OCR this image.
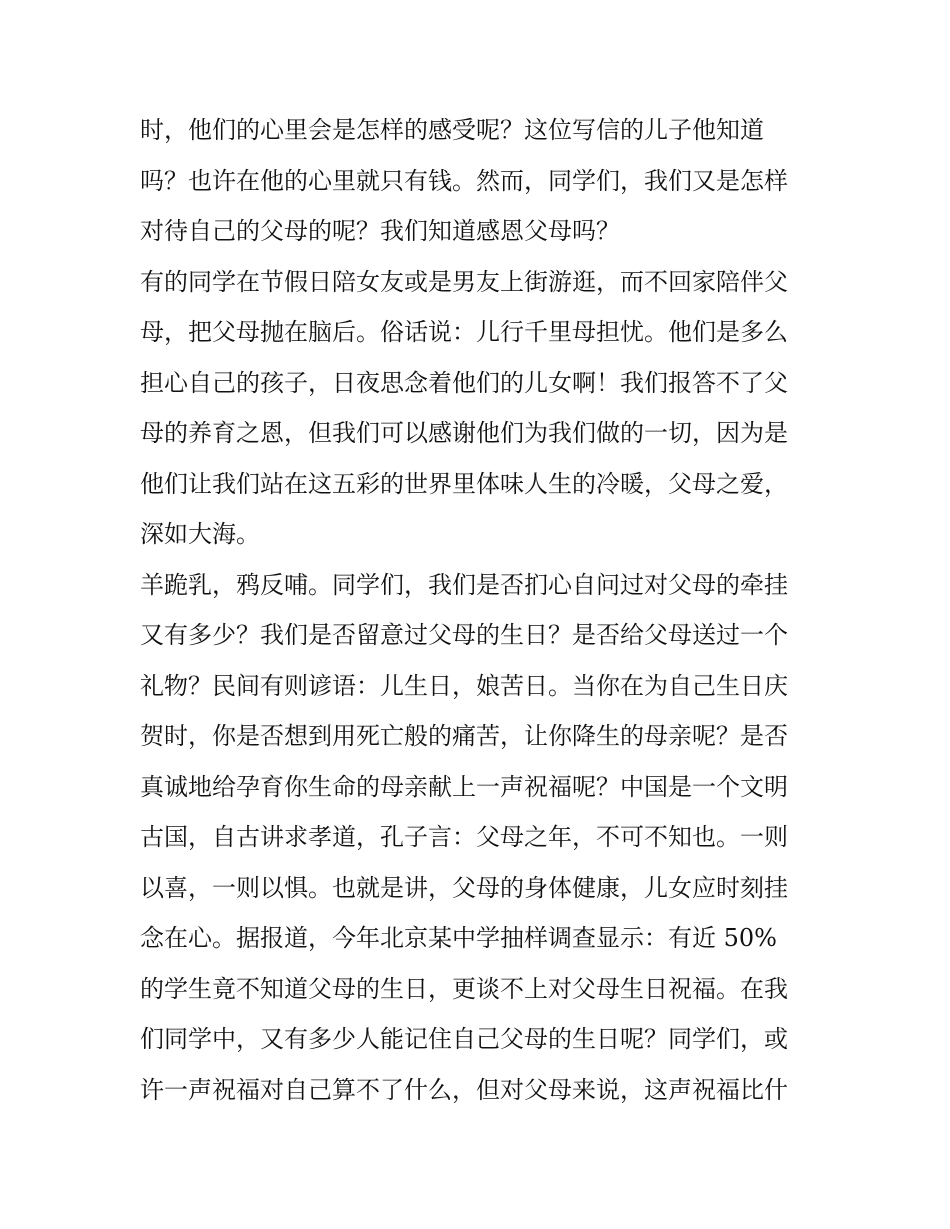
时，他们的心里会是怎样的感受呢？这位写信的儿子他知道
吗？也许在他的心里就只有钱。然而，同学们，我们又是怎样
对待自己的父母的呢？我们知道感恩父母吗？
有的同学在节假日陪女友或是男友上街游逛，而不回家陪伴父
母，把父母抛在脑后。俗话说：儿行千里母担忧。他们是多么
担心自己的孩子，日夜思念着他们的儿女啊！我们报答不了父
母的养育之恩，但我们可以感谢他们为我们做的一切，因为是
他们让我们站在这五彩的世界里体味人生的冷暖，父母之爱，
深如大海。
羊跪乳，鸦反哺。同学们，我们是否扪心自问过对父母的牵挂
又有多少？我们是否留意过父母的生日？是否给父母送过一个
礼物？民间有则谚语：儿生日，娘苦日。当你在为自己生日庆
贺时，你是否想到用死亡般的痛苦，让你降生的母亲呢？是否
真诚地给孕育你生命的母亲献上一声祝福呢？中国是一个文明
古国，自古讲求孝道，孔子言：父母之年，不可不知也。一则
以喜，一则以惧。也就是讲，父母的身体健康，儿女应时刻挂
念在心。据报道，今年北京某中学抽样调查显示：有近 50%
的学生竟不知道父母的生日，更谈不上对父母生日祝福。在我
们同学中，又有多少人能记住自己父母的生日呢？同学们，或
许一声祝福对自己算不了什么，但对父母来说，这声祝福比什
